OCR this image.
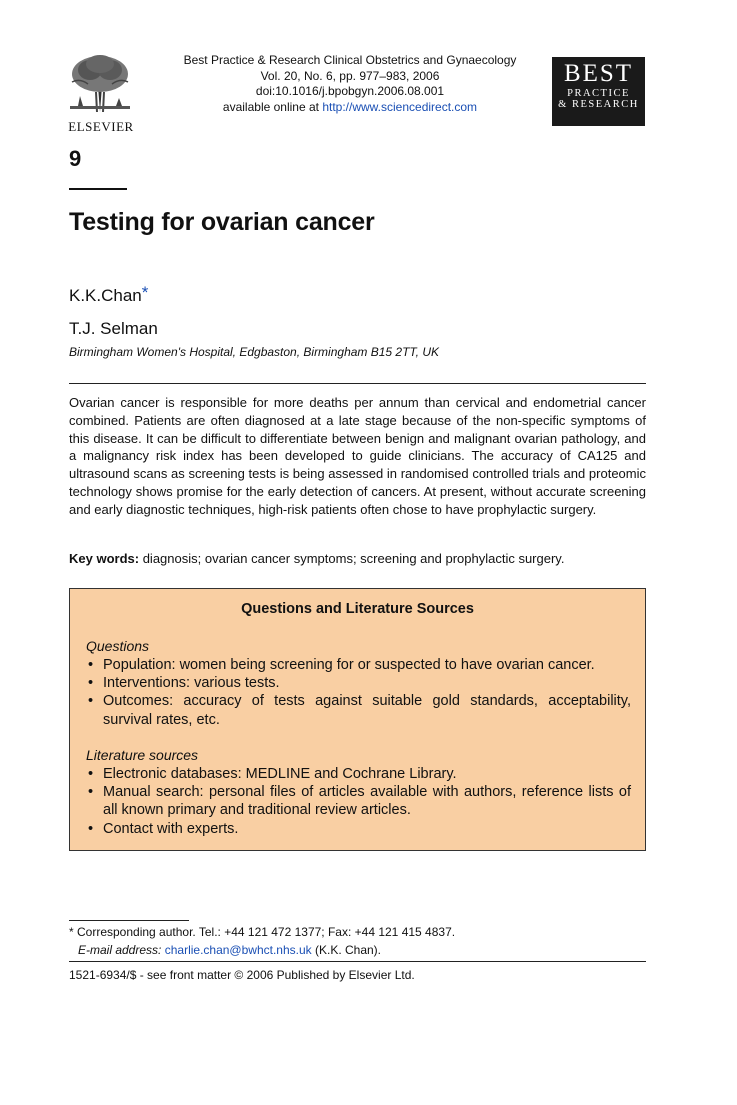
ELSEVIER
Best Practice & Research Clinical Obstetrics and Gynaecology
Vol. 20, No. 6, pp. 977–983, 2006
doi:10.1016/j.bpobgyn.2006.08.001
available online at http://www.sciencedirect.com
BEST
PRACTICE
& RESEARCH
9
Testing for ovarian cancer
K.K.Chan*
T.J. Selman
Birmingham Women's Hospital, Edgbaston, Birmingham B15 2TT, UK
Ovarian cancer is responsible for more deaths per annum than cervical and endometrial cancer combined. Patients are often diagnosed at a late stage because of the non-specific symptoms of this disease. It can be difficult to differentiate between benign and malignant ovarian pathology, and a malignancy risk index has been developed to guide clinicians. The accuracy of CA125 and ultrasound scans as screening tests is being assessed in randomised controlled trials and proteomic technology shows promise for the early detection of cancers. At present, without accurate screening and early diagnostic techniques, high-risk patients often chose to have prophylactic surgery.
Key words: diagnosis; ovarian cancer symptoms; screening and prophylactic surgery.
Questions and Literature Sources
Questions
• Population: women being screening for or suspected to have ovarian cancer.
• Interventions: various tests.
• Outcomes: accuracy of tests against suitable gold standards, acceptability, survival rates, etc.
Literature sources
• Electronic databases: MEDLINE and Cochrane Library.
• Manual search: personal files of articles available with authors, reference lists of all known primary and traditional review articles.
• Contact with experts.
* Corresponding author. Tel.: +44 121 472 1377; Fax: +44 121 415 4837.
E-mail address: charlie.chan@bwhct.nhs.uk (K.K. Chan).
1521-6934/$ - see front matter © 2006 Published by Elsevier Ltd.
